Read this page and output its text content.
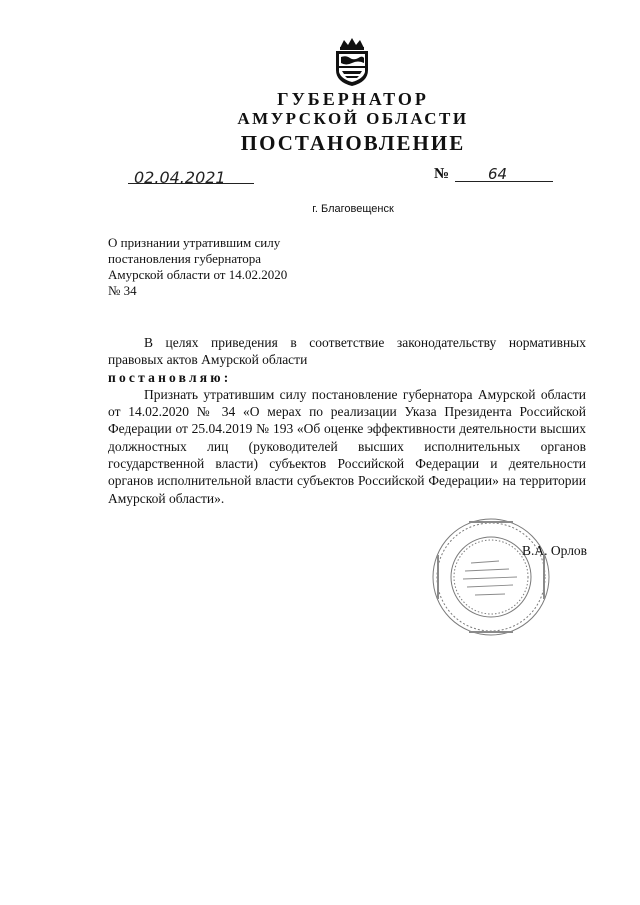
ГУБЕРНАТОР
АМУРСКОЙ ОБЛАСТИ
ПОСТАНОВЛЕНИЕ
02.04.2021	№	64
г. Благовещенск
О признании утратившим силу
постановления губернатора
Амурской области от 14.02.2020
№ 34

В целях приведения в соответствие законодательству нормативных

правовых актов Амурской области

постановляю:

Признать утратившим силу постановление губернатора Амурской области от 14.02.2020 № 34 «О мерах по реализации Указа Президента Российской Федерации от 25.04.2019 № 193 «Об оценке эффективности деятельности высших должностных лиц (руководителей высших исполнительных органов государственной власти) субъектов Российской Федерации и деятельности органов исполнительной власти субъектов Российской Федерации» на территории Амурской области».

В.А. Орлов
